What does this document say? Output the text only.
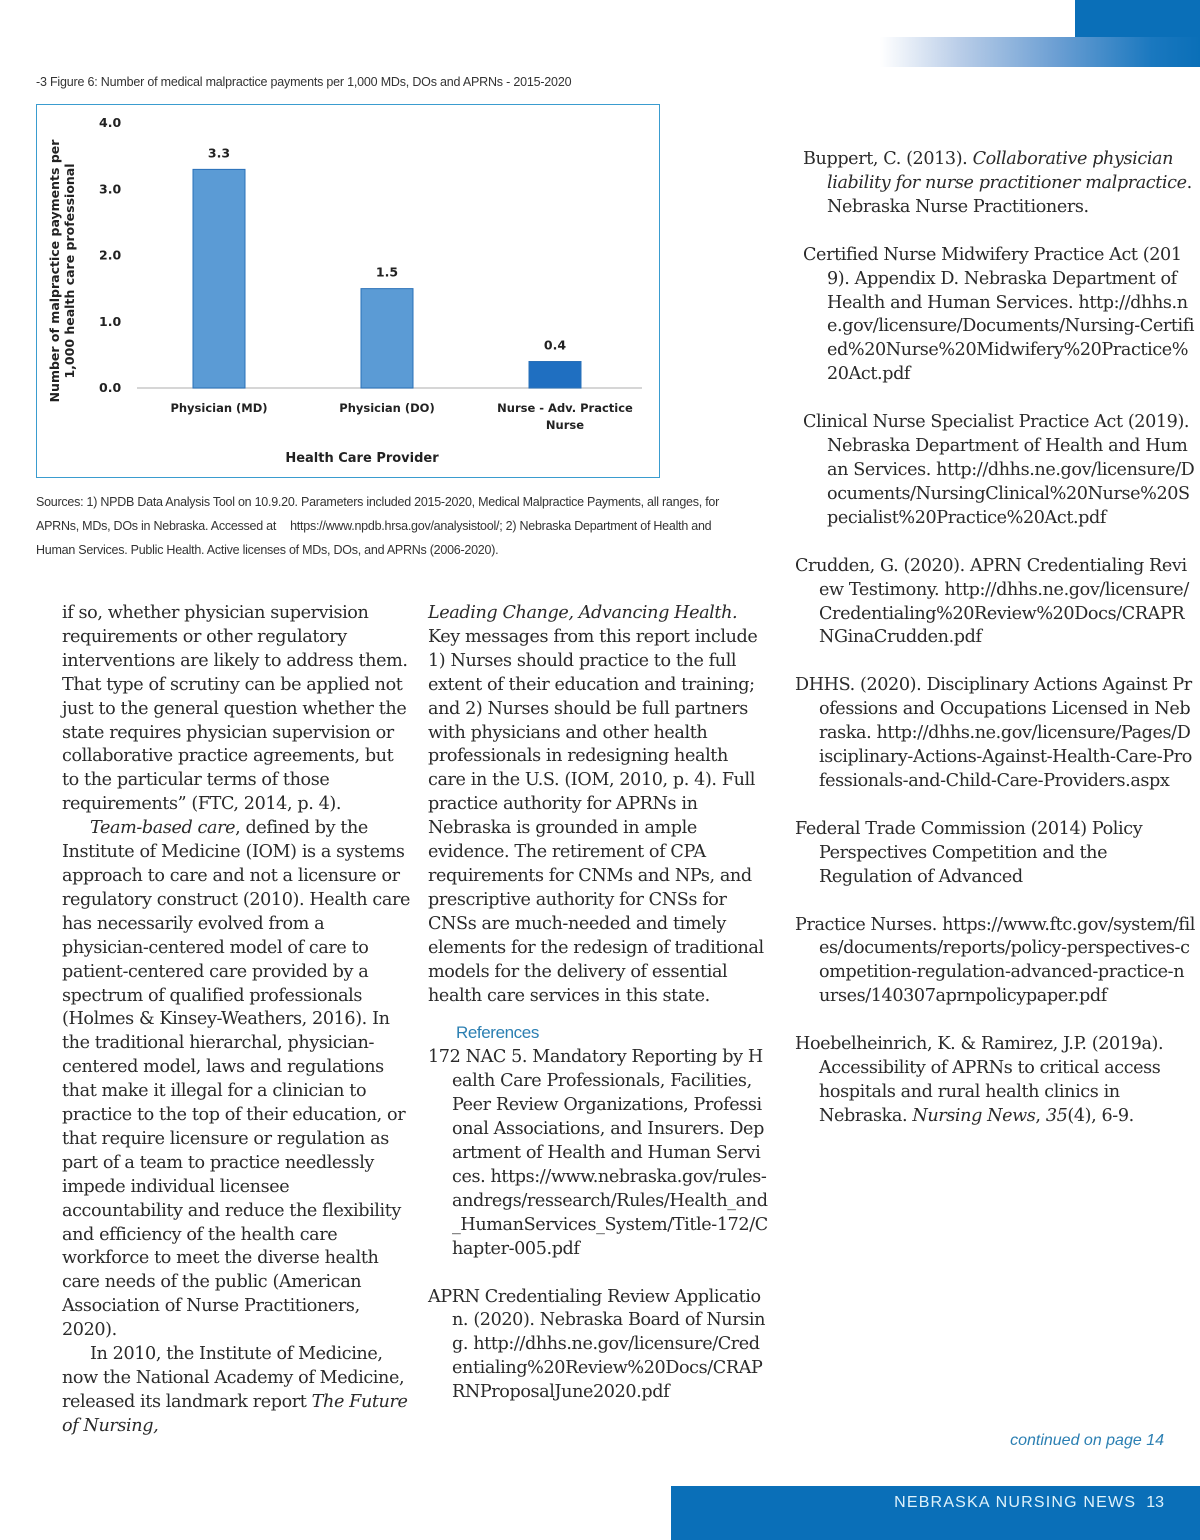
-3 Figure 6: Number of medical malpractice payments per 1,000 MDs, DOs and APRNs - 2015-2020
Number of malpractice payments per 1,000 health care professional
0.0
1.0
2.0
3.0
4.0
3.3
1.5
0.4
Physician (MD)	Physician (DO)	Nurse - Adv. Practice
Nurse
Health Care Provider
Sources: 1) NPDB Data Analysis Tool on 10.9.20. Parameters included 2015-2020, Medical Malpractice Payments, all ranges, for
APRNs, MDs, DOs in Nebraska. Accessed at https://www.npdb.hrsa.gov/analysistool/; 2) Nebraska Department of Health and
Human Services. Public Health. Active licenses of MDs, DOs, and APRNs (2006-2020).

if so, whether physician supervision requirements or other regulatory interventions are likely to address them. That type of scrutiny can be applied not just to the general question whether the state requires physician supervision or collaborative practice agreements, but to the particular terms of those requirements” (FTC, 2014, p. 4).

Team-based care, defined by the Institute of Medicine (IOM) is a systems approach to care and not a licensure or regulatory construct (2010). Health care has necessarily evolved from a physician-centered model of care to patient-centered care provided by a spectrum of qualified professionals (Holmes & Kinsey-Weathers, 2016). In the traditional hierarchal, physician-centered model, laws and regulations that make it illegal for a clinician to practice to the top of their education, or that require licensure or regulation as part of a team to practice needlessly impede individual licensee accountability and reduce the flexibility and efficiency of the health care workforce to meet the diverse health care needs of the public (American Association of Nurse Practitioners, 2020).

In 2010, the Institute of Medicine, now the National Academy of Medicine, released its landmark report The Future of Nursing,

Leading Change, Advancing Health. Key messages from this report include 1) Nurses should practice to the full extent of their education and training; and 2) Nurses should be full partners with physicians and other health professionals in redesigning health care in the U.S. (IOM, 2010, p. 4). Full practice authority for APRNs in Nebraska is grounded in ample evidence. The retirement of CPA requirements for CNMs and NPs, and prescriptive authority for CNSs for CNSs are much-needed and timely elements for the redesign of traditional models for the delivery of essential health care services in this state.

References

172 NAC 5. Mandatory Reporting by Health Care Professionals, Facilities, Peer Review Organizations, Professional Associations, and Insurers. Department of Health and Human Services. https://www.nebraska.gov/rules-andregs/ressearch/Rules/Health_and_HumanServices_System/Title-172/Chapter-005.pdf

APRN Credentialing Review Application. (2020). Nebraska Board of Nursing. http://dhhs.ne.gov/licensure/Credentialing%20Review%20Docs/CRAPRNProposalJune2020.pdf

Buppert, C. (2013). Collaborative physician liability for nurse practitioner malpractice. Nebraska Nurse Practitioners.

Certified Nurse Midwifery Practice Act (2019). Appendix D. Nebraska Department of Health and Human Services. http://dhhs.ne.gov/licensure/Documents/Nursing-Certified%20Nurse%20Midwifery%20Practice%20Act.pdf

Clinical Nurse Specialist Practice Act (2019). Nebraska Department of Health and Human Services. http://dhhs.ne.gov/licensure/Documents/NursingClinical%20Nurse%20Specialist%20Practice%20Act.pdf

Crudden, G. (2020). APRN Credentialing Review Testimony. http://dhhs.ne.gov/licensure/Credentialing%20Review%20Docs/CRAPRNGinaCrudden.pdf

DHHS. (2020). Disciplinary Actions Against Professions and Occupations Licensed in Nebraska. http://dhhs.ne.gov/licensure/Pages/Disciplinary-Actions-Against-Health-Care-Professionals-and-Child-Care-Providers.aspx

Federal Trade Commission (2014) Policy Perspectives Competition and the Regulation of Advanced

Practice Nurses. https://www.ftc.gov/system/files/documents/reports/policy-perspectives-competition-regulation-advanced-practice-nurses/140307aprnpolicypaper.pdf

Hoebelheinrich, K. & Ramirez, J.P. (2019a). Accessibility of APRNs to critical access hospitals and rural health clinics in Nebraska. Nursing News, 35(4), 6-9.

continued on page 14
NEBRASKA NURSING NEWS 13
